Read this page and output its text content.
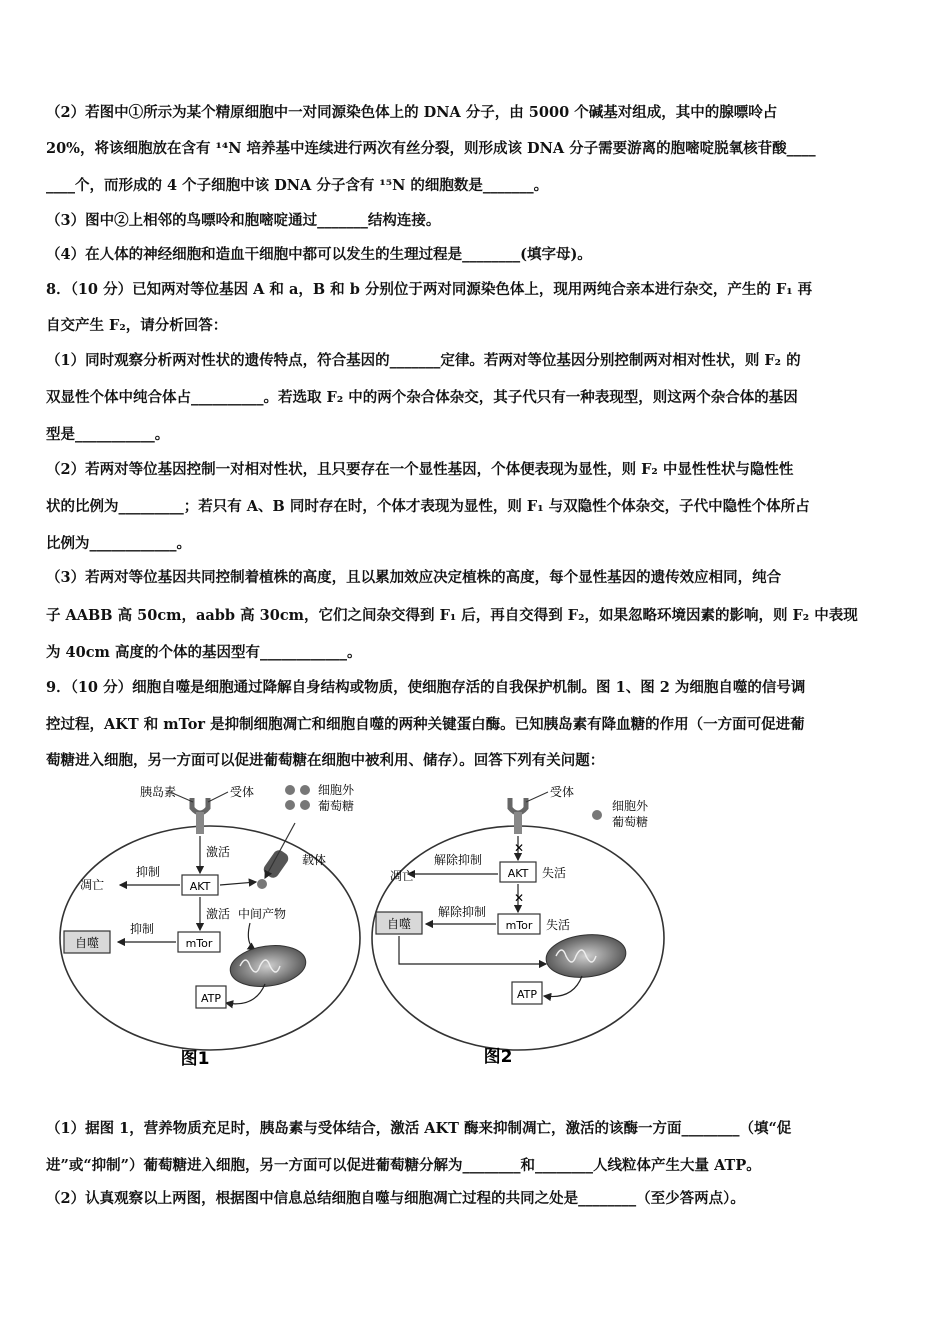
（2）若图中①所示为某个精原细胞中一对同源染色体上的 DNA 分子，由 5000 个碱基对组成，其中的腺嘌呤占
20%，将该细胞放在含有 ¹⁴N 培养基中连续进行两次有丝分裂，则形成该 DNA 分子需要游离的胞嘧啶脱氧核苷酸____
____个，而形成的 4 个子细胞中该 DNA 分子含有 ¹⁵N 的细胞数是_______。
（3）图中②上相邻的鸟嘌呤和胞嘧啶通过_______结构连接。
（4）在人体的神经细胞和造血干细胞中都可以发生的生理过程是________(填字母)。
8．（10 分）已知两对等位基因 A 和 a，B 和 b 分别位于两对同源染色体上，现用两纯合亲本进行杂交，产生的 F₁ 再
自交产生 F₂，请分析回答：
（1）同时观察分析两对性状的遗传特点，符合基因的_______定律。若两对等位基因分别控制两对相对性状，则 F₂ 的
双显性个体中纯合体占__________。若选取 F₂ 中的两个杂合体杂交，其子代只有一种表现型，则这两个杂合体的基因
型是___________。
（2）若两对等位基因控制一对相对性状，且只要存在一个显性基因，个体便表现为显性，则 F₂ 中显性性状与隐性性
状的比例为_________；若只有 A、B 同时存在时，个体才表现为显性，则 F₁ 与双隐性个体杂交，子代中隐性个体所占
比例为____________。
（3）若两对等位基因共同控制着植株的高度，且以累加效应决定植株的高度，每个显性基因的遗传效应相同，纯合
子 AABB 高 50cm，aabb 高 30cm，它们之间杂交得到 F₁ 后，再自交得到 F₂，如果忽略环境因素的影响，则 F₂ 中表现
为 40cm 高度的个体的基因型有____________。
9．（10 分）细胞自噬是细胞通过降解自身结构或物质，使细胞存活的自我保护机制。图 1、图 2 为细胞自噬的信号调
控过程，AKT 和 mTor 是抑制细胞凋亡和细胞自噬的两种关键蛋白酶。已知胰岛素有降血糖的作用（一方面可促进葡
萄糖进入细胞，另一方面可以促进葡萄糖在细胞中被利用、储存）。回答下列有关问题：
胰岛素	受体	细胞外
葡萄糖
载体
激活
AKT
抑制
凋亡
激活 中间产物
mTor
抑制
自噬
ATP
图1
受体
细胞外
葡萄糖
✕
AKT 失活
解除抑制
凋亡
✕
mTor 失活
解除抑制
自噬
ATP
图2
（1）据图 1，营养物质充足时，胰岛素与受体结合，激活 AKT 酶来抑制凋亡，激活的该酶一方面________（填“促
进”或“抑制”）葡萄糖进入细胞，另一方面可以促进葡萄糖分解为________和________人线粒体产生大量 ATP。
（2）认真观察以上两图，根据图中信息总结细胞自噬与细胞凋亡过程的共同之处是________（至少答两点）。
